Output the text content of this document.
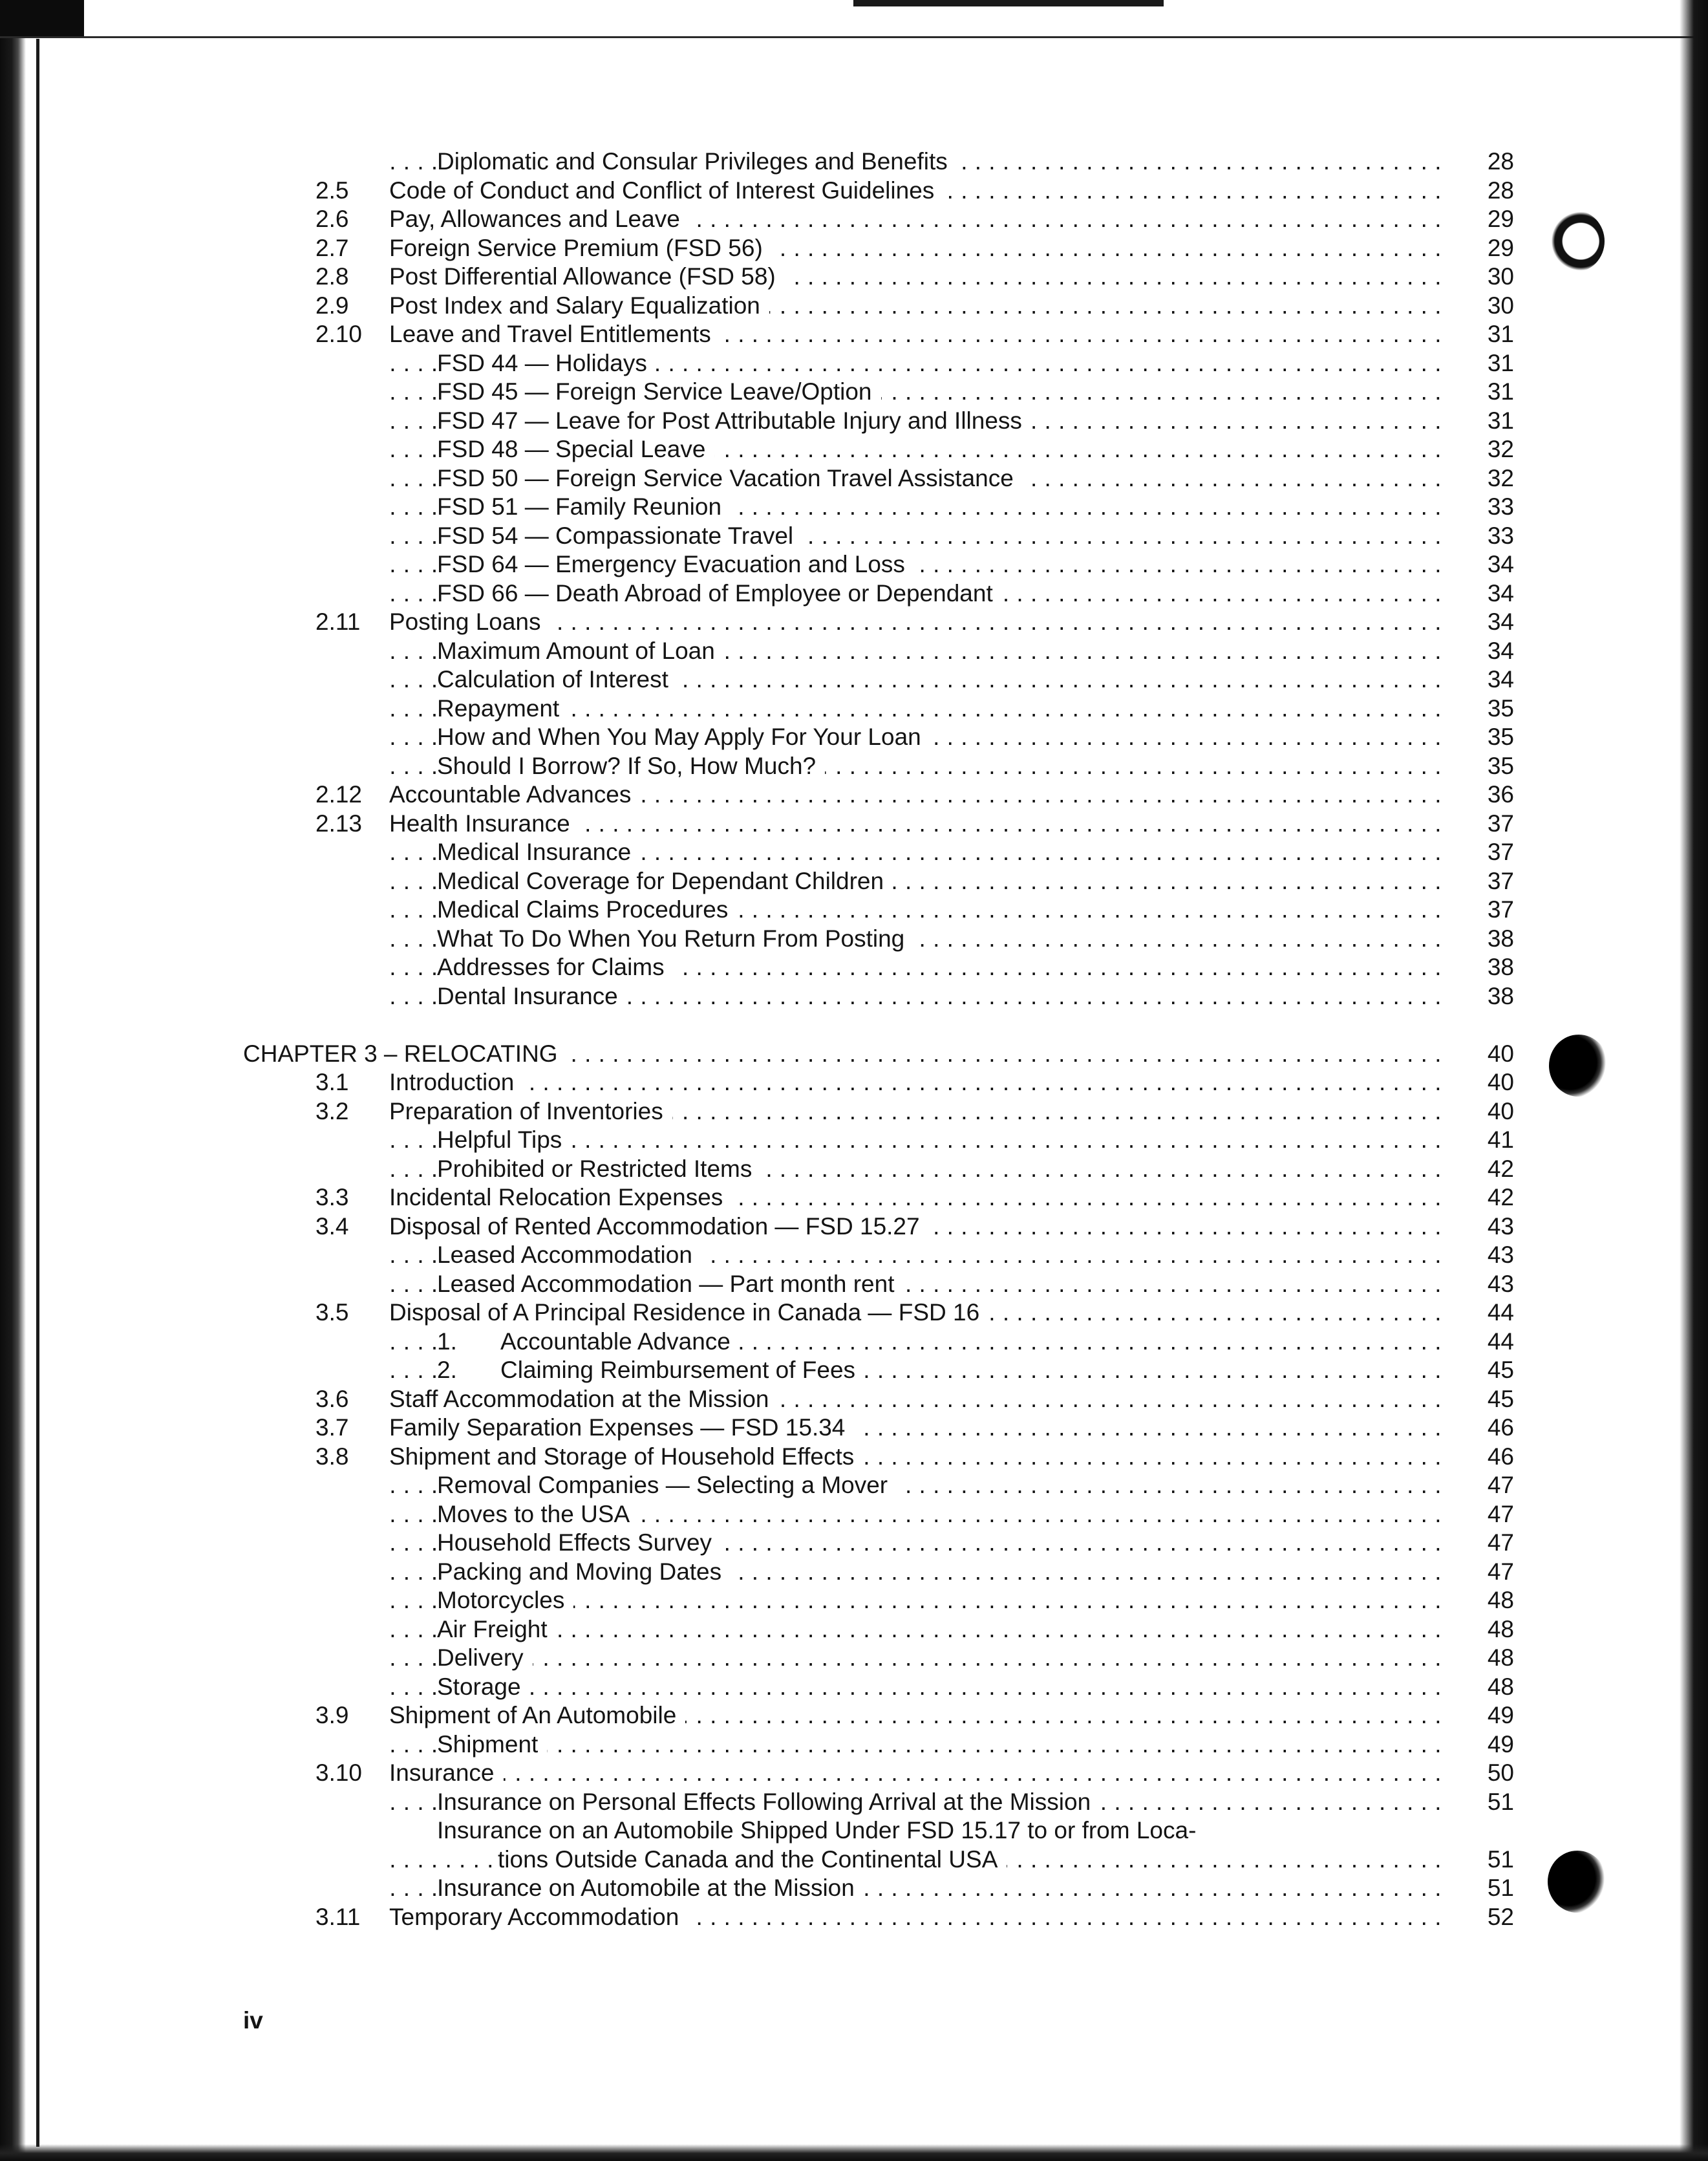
Diplomatic and Consular Privileges and Benefits . . .	28
2.5 Code of Conduct and Conflict of Interest Guidelines . . .	28
2.6 Pay, Allowances and Leave . . .	29
2.7 Foreign Service Premium (FSD 56) . . .	29
2.8 Post Differential Allowance (FSD 58) . . .	30
2.9 Post Index and Salary Equalization . . .	30
2.10 Leave and Travel Entitlements . . .	31
FSD 44 — Holidays . . .	31
FSD 45 — Foreign Service Leave/Option . . .	31
FSD 47 — Leave for Post Attributable Injury and Illness . . .	31
FSD 48 — Special Leave . . .	32
FSD 50 — Foreign Service Vacation Travel Assistance . . .	32
FSD 51 — Family Reunion . . .	33
FSD 54 — Compassionate Travel . . .	33
FSD 64 — Emergency Evacuation and Loss . . .	34
FSD 66 — Death Abroad of Employee or Dependant . . .	34
2.11 Posting Loans . . .	34
Maximum Amount of Loan . . .	34
Calculation of Interest . . .	34
Repayment . . .	35
How and When You May Apply For Your Loan . . .	35
Should I Borrow? If So, How Much? . . .	35
2.12 Accountable Advances . . .	36
2.13 Health Insurance . . .	37
Medical Insurance . . .	37
Medical Coverage for Dependant Children . . .	37
Medical Claims Procedures . . .	37
What To Do When You Return From Posting . . .	38
Addresses for Claims . . .	38
Dental Insurance . . .	38
CHAPTER 3 – RELOCATING . . .	40
3.1 Introduction . . .	40
3.2 Preparation of Inventories . . .	40
Helpful Tips . . .	41
Prohibited or Restricted Items . . .	42
3.3 Incidental Relocation Expenses . . .	42
3.4 Disposal of Rented Accommodation — FSD 15.27 . . .	43
Leased Accommodation . . .	43
Leased Accommodation — Part month rent . . .	43
3.5 Disposal of A Principal Residence in Canada — FSD 16 . . .	44
1. Accountable Advance . . .	44
2. Claiming Reimbursement of Fees . . .	45
3.6 Staff Accommodation at the Mission . . .	45
3.7 Family Separation Expenses — FSD 15.34 . . .	46
3.8 Shipment and Storage of Household Effects . . .	46
Removal Companies — Selecting a Mover . . .	47
Moves to the USA . . .	47
Household Effects Survey . . .	47
Packing and Moving Dates . . .	47
Motorcycles . . .	48
Air Freight . . .	48
Delivery . . .	48
Storage . . .	48
3.9 Shipment of An Automobile . . .	49
Shipment . . .	49
3.10 Insurance . . .	50
Insurance on Personal Effects Following Arrival at the Mission . . .	51
Insurance on an Automobile Shipped Under FSD 15.17 to or from Loca-
tions Outside Canada and the Continental USA . . .	51
Insurance on Automobile at the Mission . . .	51
3.11 Temporary Accommodation . . .	52
iv
